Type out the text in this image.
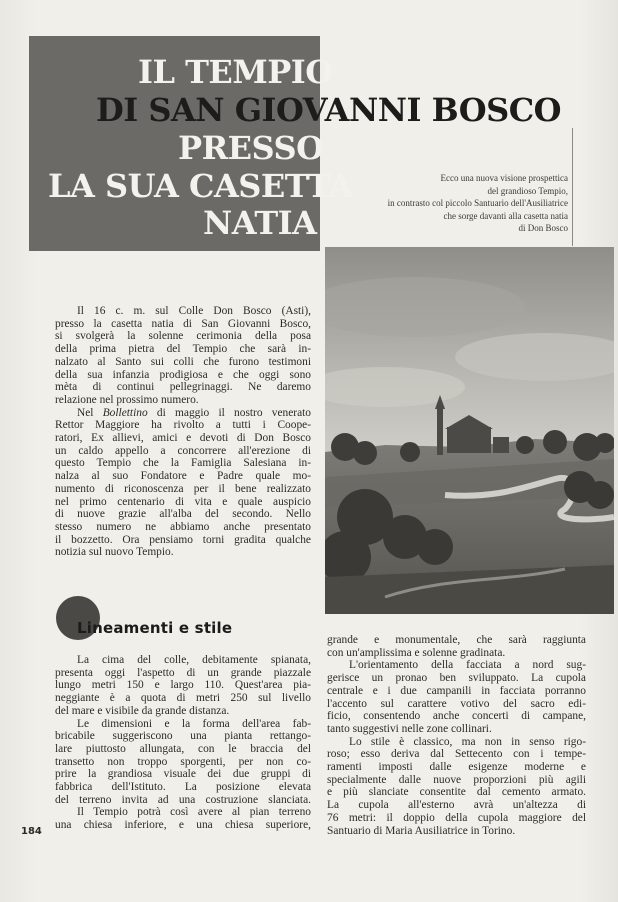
IL TEMPIO
DI SAN GIOVANNI BOSCO
PRESSO
LA SUA CASETTA
NATIA
Ecco una nuova visione prospettica
del grandioso Tempio,
in contrasto col piccolo Santuario dell'Ausiliatrice
che sorge davanti alla casetta natia
di Don Bosco

Il 16 c. m. sul Colle Don Bosco (Asti),
presso la casetta natia di San Giovanni Bosco,
si svolgerà la solenne cerimonia della posa
della prima pietra del Tempio che sarà in-
nalzato al Santo sui colli che furono testimoni
della sua infanzia prodigiosa e che oggi sono
mèta di continui pellegrinaggi. Ne daremo
relazione nel prossimo numero.

Nel Bollettino di maggio il nostro venerato
Rettor Maggiore ha rivolto a tutti i Coope-
ratori, Ex allievi, amici e devoti di Don Bosco
un caldo appello a concorrere all'erezione di
questo Tempio che la Famiglia Salesiana in-
nalza al suo Fondatore e Padre quale mo-
numento di riconoscenza per il bene realizzato
nel primo centenario di vita e quale auspicio
di nuove grazie all'alba del secondo. Nello
stesso numero ne abbiamo anche presentato
il bozzetto. Ora pensiamo torni gradita qualche
notizia sul nuovo Tempio.

Lineamenti e stile

La cima del colle, debitamente spianata,
presenta oggi l'aspetto di un grande piazzale
lungo metri 150 e largo 110. Quest'area pia-
neggiante è a quota di metri 250 sul livello
del mare e visibile da grande distanza.

Le dimensioni e la forma dell'area fab-
bricabile suggeriscono una pianta rettango-
lare piuttosto allungata, con le braccia del
transetto non troppo sporgenti, per non co-
prire la grandiosa visuale dei due gruppi di
fabbrica dell'Istituto. La posizione elevata
del terreno invita ad una costruzione slanciata.
Il Tempio potrà così avere al pian terreno
una chiesa inferiore, e una chiesa superiore,

184

grande e monumentale, che sarà raggiunta
con un'amplissima e solenne gradinata.

L'orientamento della facciata a nord sug-
gerisce un pronao ben sviluppato. La cupola
centrale e i due campanili in facciata porranno
l'accento sul carattere votivo del sacro edi-
ficio, consentendo anche concerti di campane,
tanto suggestivi nelle zone collinari.

Lo stile è classico, ma non in senso rigo-
roso; esso deriva dal Settecento con i tempe-
ramenti imposti dalle esigenze moderne e
specialmente dalle nuove proporzioni più agili
e più slanciate consentite dal cemento armato.
La cupola all'esterno avrà un'altezza di
76 metri: il doppio della cupola maggiore del
Santuario di Maria Ausiliatrice in Torino.
